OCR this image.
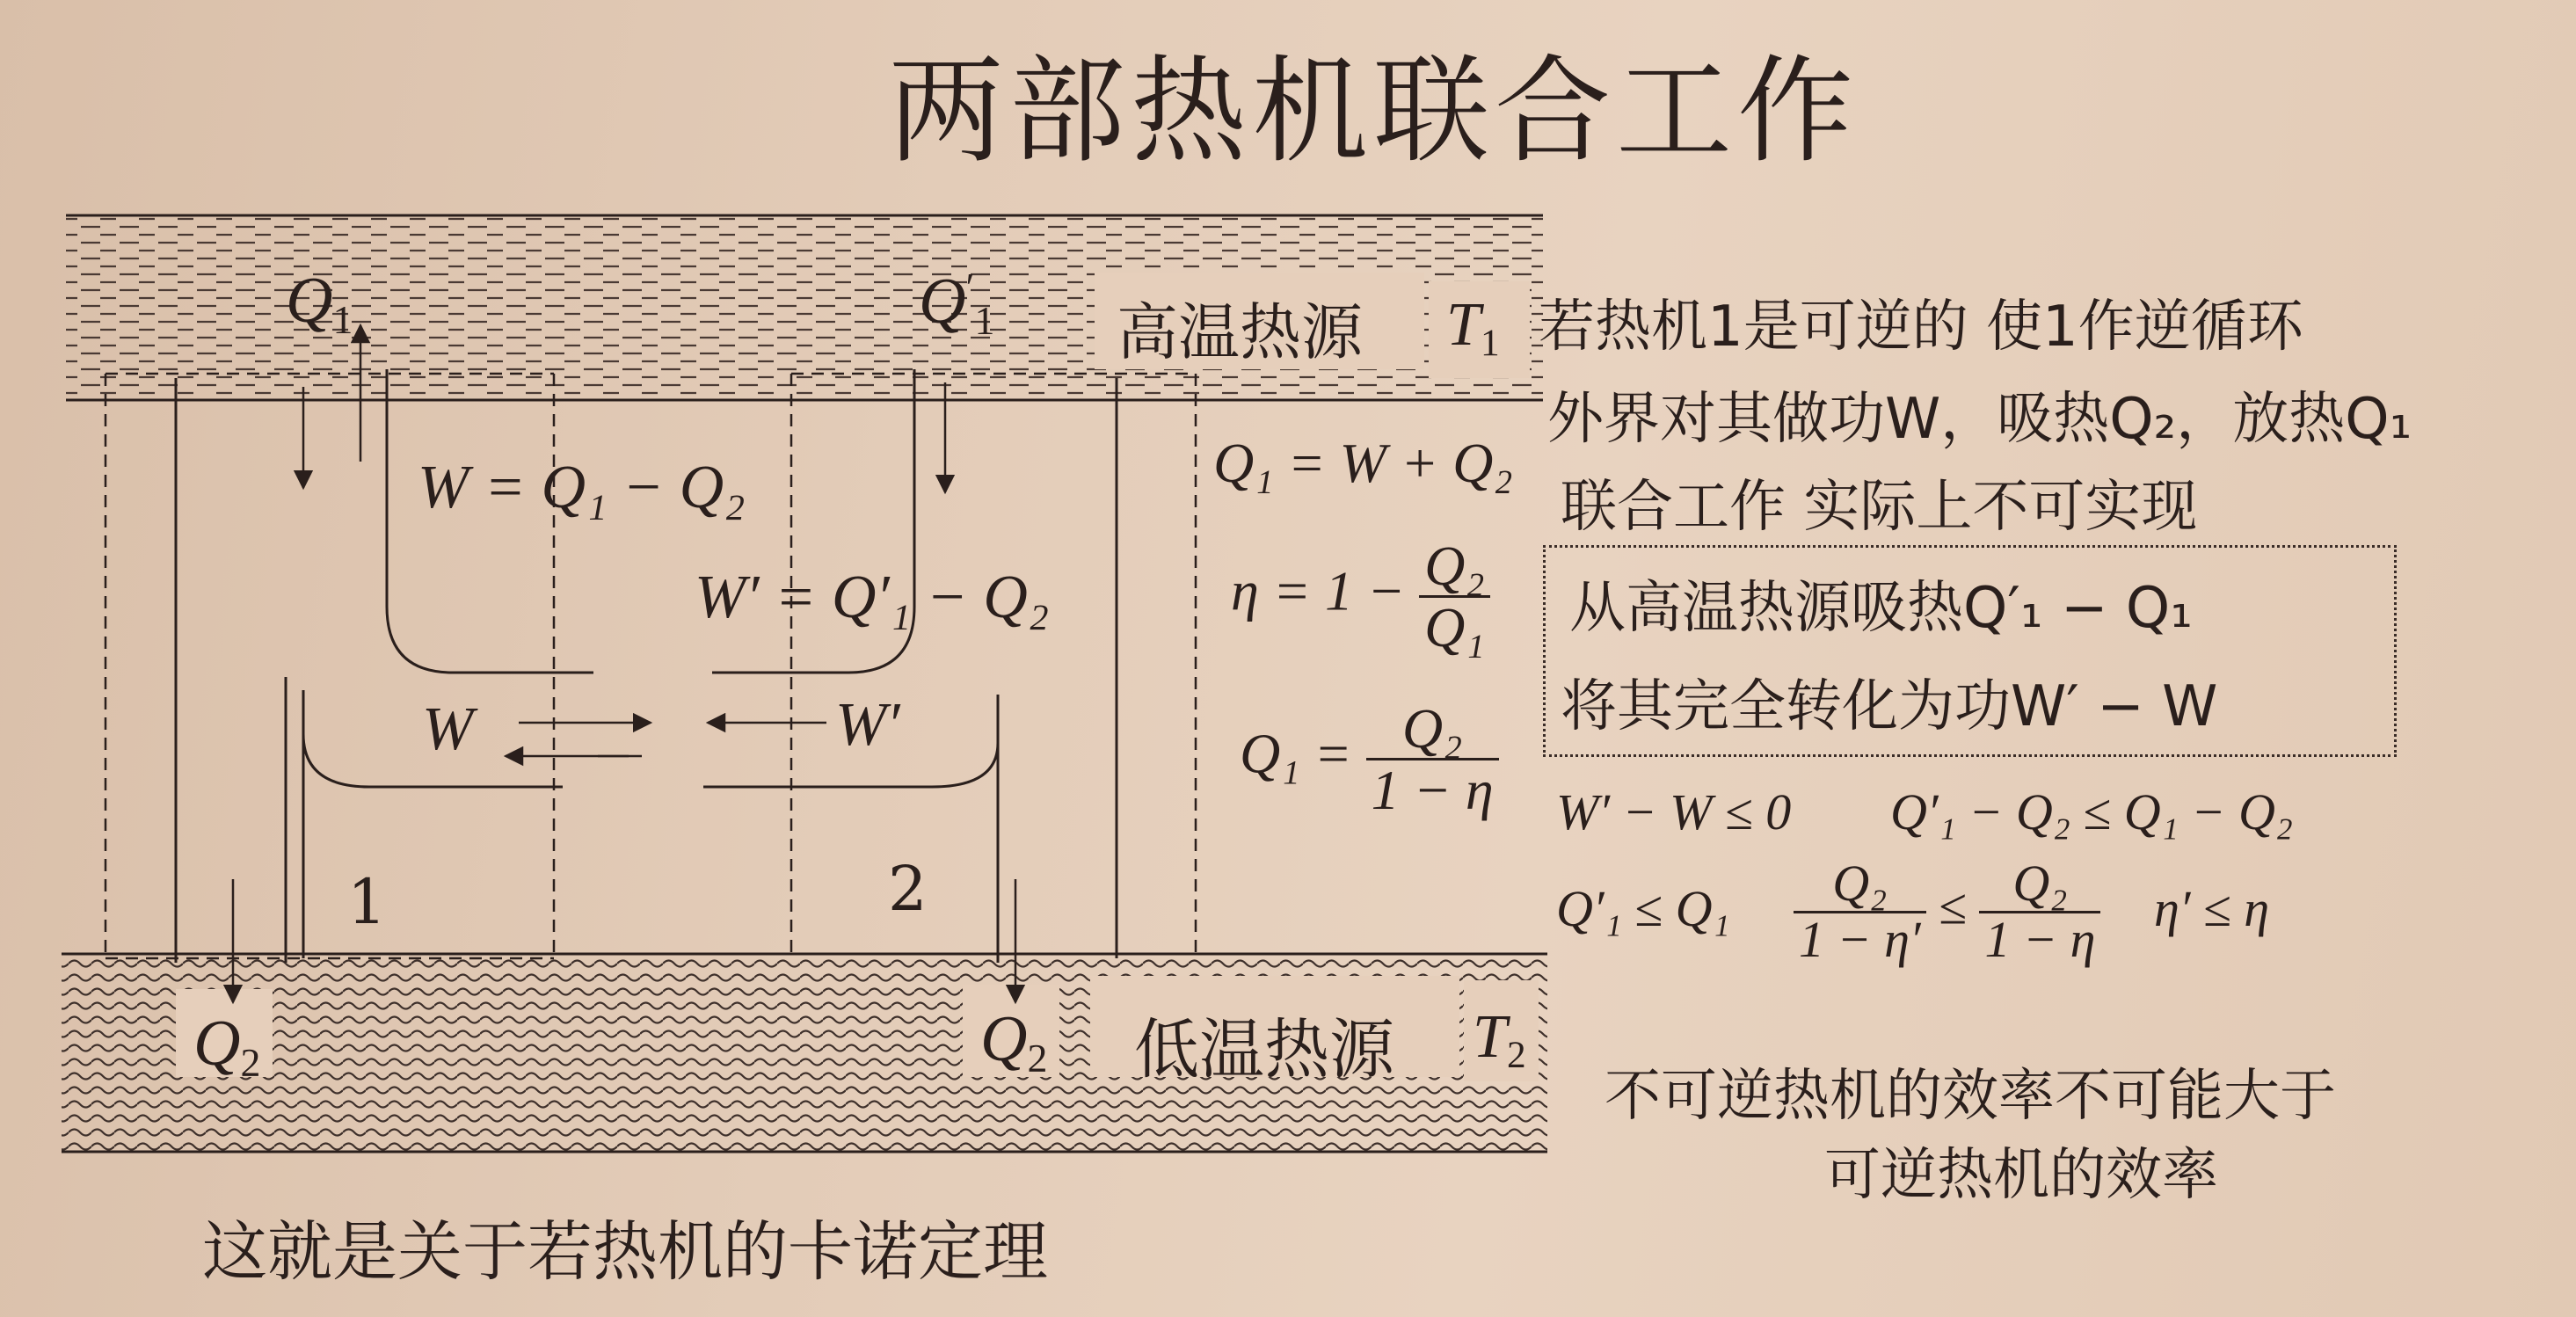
两部热机联合工作
$Q_1$	$Q'_1$ 高温热源 $T_1$
W = Q₁ − Q₂
W′ = Q′₁ − Q₂
W	W′
1	2
$Q_2$	$Q_2$ 低温热源 $T_2$
Q₁ = W + Q₂
$\eta = 1 - \frac{\text{Q₂}}{\text{Q₁}}$
$Q_1 = \frac{\text{Q₂}}{1 - \eta}$
若热机1是可逆的 使1作逆循环
外界对其做功W，吸热Q₂，放热Q₁
联合工作 实际上不可实现
从高温热源吸热Q′₁ − Q₁
将其完全转化为功W′ − W
W′ − W ≤ 0 Q′₁ − Q₂ ≤ Q₁ − Q₂
$Q'_1 \le Q_1 \frac{\text{Q₂}}{1 - \eta'} \le \frac{\text{Q₂}}{1 - \eta} \eta' \le \eta$
不可逆热机的效率不可能大于
可逆热机的效率
这就是关于若热机的卡诺定理
